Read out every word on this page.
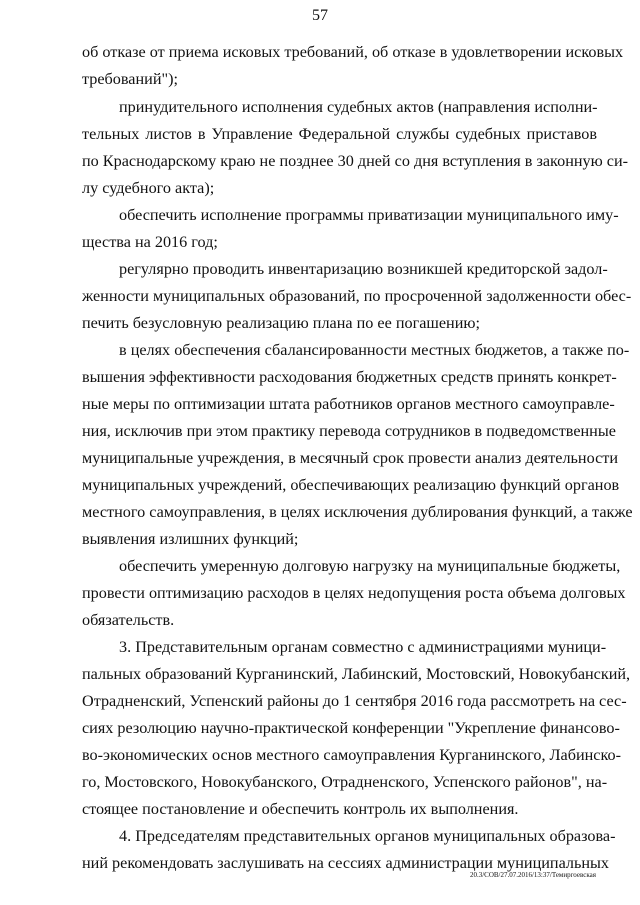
57
об отказе от приема исковых требований, об отказе в удовлетворении исковых
требований");
принудительного исполнения судебных актов (направления исполни-
тельных листов в Управление Федеральной службы судебных приставов
по Краснодарскому краю не позднее 30 дней со дня вступления в законную си-
лу судебного акта);
обеспечить исполнение программы приватизации муниципального иму-
щества на 2016 год;
регулярно проводить инвентаризацию возникшей кредиторской задол-
женности муниципальных образований, по просроченной задолженности обес-
печить безусловную реализацию плана по ее погашению;
в целях обеспечения сбалансированности местных бюджетов, а также по-
вышения эффективности расходования бюджетных средств принять конкрет-
ные меры по оптимизации штата работников органов местного самоуправле-
ния, исключив при этом практику перевода сотрудников в подведомственные
муниципальные учреждения, в месячный срок провести анализ деятельности
муниципальных учреждений, обеспечивающих реализацию функций органов
местного самоуправления, в целях исключения дублирования функций, а также
выявления излишних функций;
обеспечить умеренную долговую нагрузку на муниципальные бюджеты,
провести оптимизацию расходов в целях недопущения роста объема долговых
обязательств.
3. Представительным органам совместно с администрациями муници-
пальных образований Курганинский, Лабинский, Мостовский, Новокубанский,
Отрадненский, Успенский районы до 1 сентября 2016 года рассмотреть на сес-
сиях резолюцию научно-практической конференции "Укрепление финансово-
во-экономических основ местного самоуправления Курганинского, Лабинско-
го, Мостовского, Новокубанского, Отрадненского, Успенского районов", на-
стоящее постановление и обеспечить контроль их выполнения.
4. Председателям представительных органов муниципальных образова-
ний рекомендовать заслушивать на сессиях администрации муниципальных
20.3/СОВ/27.07.2016/13:37/Темиргоевская
